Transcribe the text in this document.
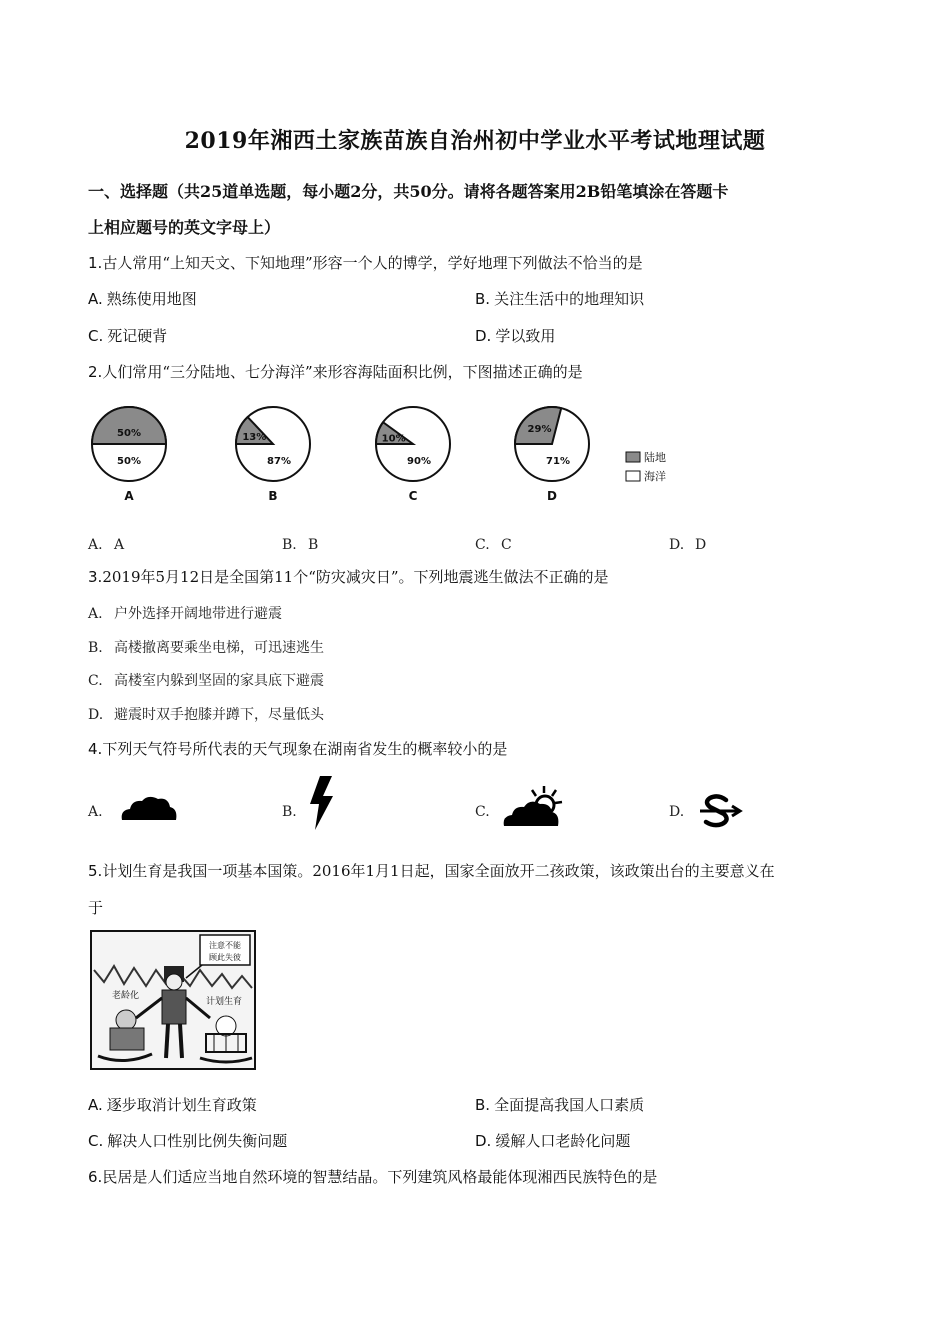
2019年湘西土家族苗族自治州初中学业水平考试地理试题
一、选择题（共25道单选题，每小题2分，共50分。请将各题答案用2B铅笔填涂在答题卡
上相应题号的英文字母上）
1.古人常用“上知天文、下知地理”形容一个人的博学，学好地理下列做法不恰当的是
A. 熟练使用地图	B. 关注生活中的地理知识
C. 死记硬背	D. 学以致用
2.人们常用“三分陆地、七分海洋”来形容海陆面积比例，下图描述正确的是
50%
50%
A
13%
87%
B
10%
90%
C
29%
71%
D
陆地
海洋
A. A	B. B	C. C	D. D
3.2019年5月12日是全国第11个“防灾减灾日”。下列地震逃生做法不正确的是
A. 户外选择开阔地带进行避震
B. 高楼撤离要乘坐电梯，可迅速逃生
C. 高楼室内躲到坚固的家具底下避震
D. 避震时双手抱膝并蹲下，尽量低头
4.下列天气符号所代表的天气现象在湖南省发生的概率较小的是
A.	B.	C.	D.
5.计划生育是我国一项基本国策。2016年1月1日起，国家全面放开二孩政策，该政策出台的主要意义在
于
注意不能
顾此失彼
老龄化
计划生育
A. 逐步取消计划生育政策	B. 全面提高我国人口素质
C. 解决人口性别比例失衡问题	D. 缓解人口老龄化问题
6.民居是人们适应当地自然环境的智慧结晶。下列建筑风格最能体现湘西民族特色的是
